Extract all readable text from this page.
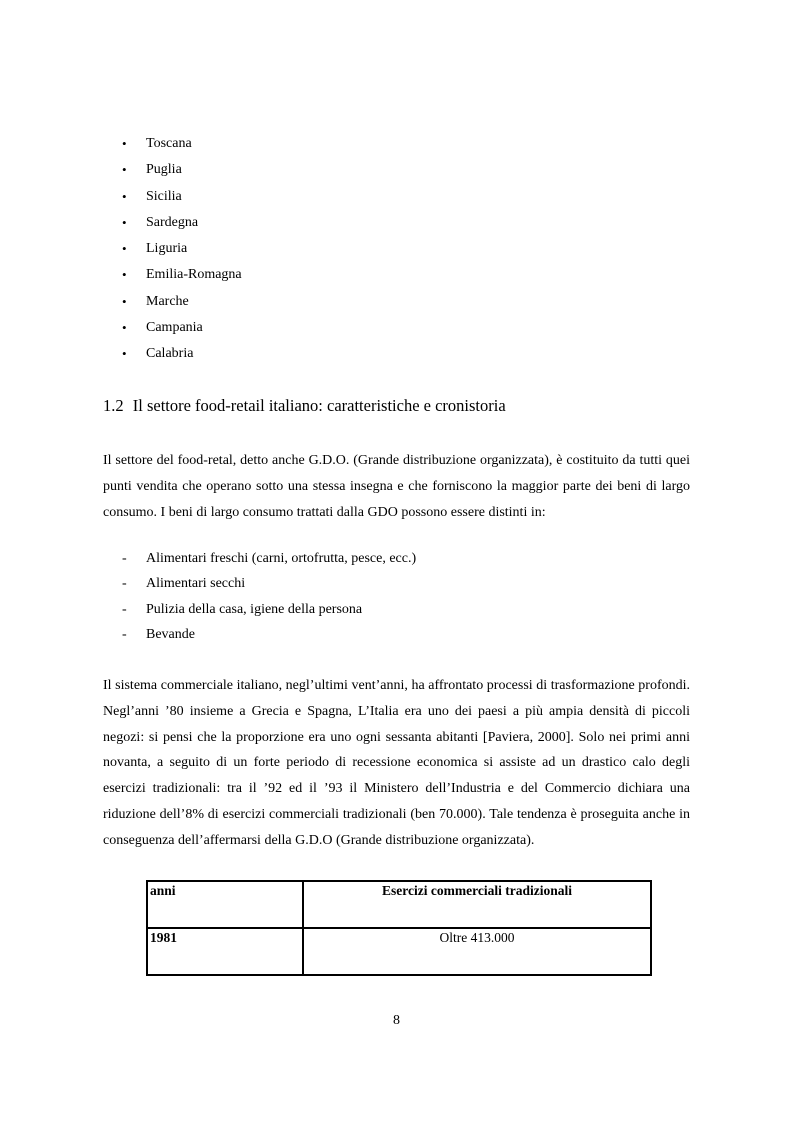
• Toscana
• Puglia
• Sicilia
• Sardegna
• Liguria
• Emilia-Romagna
• Marche
• Campania
• Calabria
1.2 Il settore food-retail italiano: caratteristiche e cronistoria

Il settore del food-retal, detto anche G.D.O. (Grande distribuzione organizzata), è costituito da tutti quei punti vendita che operano sotto una stessa insegna e che forniscono la maggior parte dei beni di largo consumo. I beni di largo consumo trattati dalla GDO possono essere distinti in:

- Alimentari freschi (carni, ortofrutta, pesce, ecc.)
- Alimentari secchi
- Pulizia della casa, igiene della persona
- Bevande

Il sistema commerciale italiano, negl’ultimi vent’anni, ha affrontato processi di trasformazione profondi. Negl’anni ’80 insieme a Grecia e Spagna, L’Italia era uno dei paesi a più ampia densità di piccoli negozi: si pensi che la proporzione era uno ogni sessanta abitanti [Paviera, 2000]. Solo nei primi anni novanta, a seguito di un forte periodo di recessione economica si assiste ad un drastico calo degli esercizi tradizionali: tra il ’92 ed il ’93 il Ministero dell’Industria e del Commercio dichiara una riduzione dell’8% di esercizi commerciali tradizionali (ben 70.000). Tale tendenza è proseguita anche in conseguenza dell’affermarsi della G.D.O (Grande distribuzione organizzata).

anni	Esercizi commerciali tradizionali
1981	Oltre 413.000
8
